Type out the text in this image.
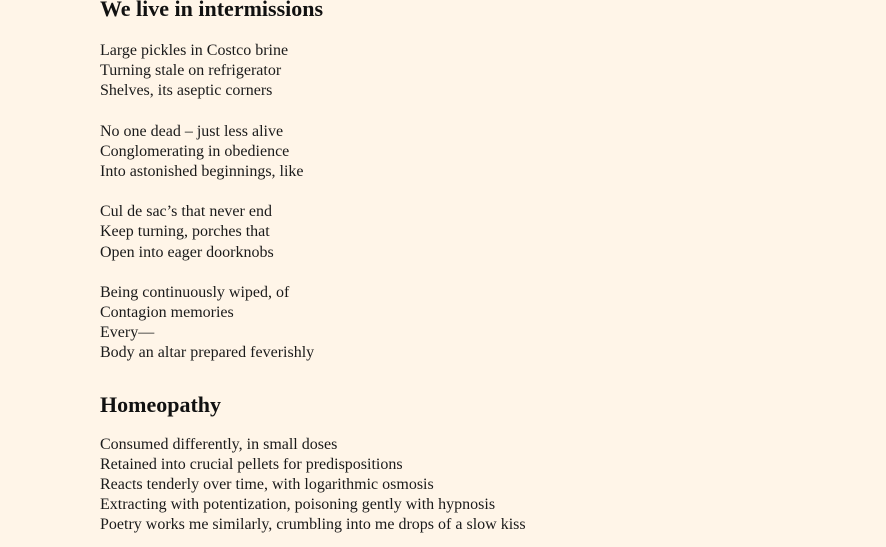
We live in intermissions

Large pickles in Costco brine
Turning stale on refrigerator
Shelves, its aseptic corners

No one dead – just less alive
Conglomerating in obedience
Into astonished beginnings, like

Cul de sac’s that never end
Keep turning, porches that
Open into eager doorknobs

Being continuously wiped, of
Contagion memories
Every—
Body an altar prepared feverishly

Homeopathy

Consumed differently, in small doses
Retained into crucial pellets for predispositions
Reacts tenderly over time, with logarithmic osmosis
Extracting with potentization, poisoning gently with hypnosis
Poetry works me similarly, crumbling into me drops of a slow kiss
